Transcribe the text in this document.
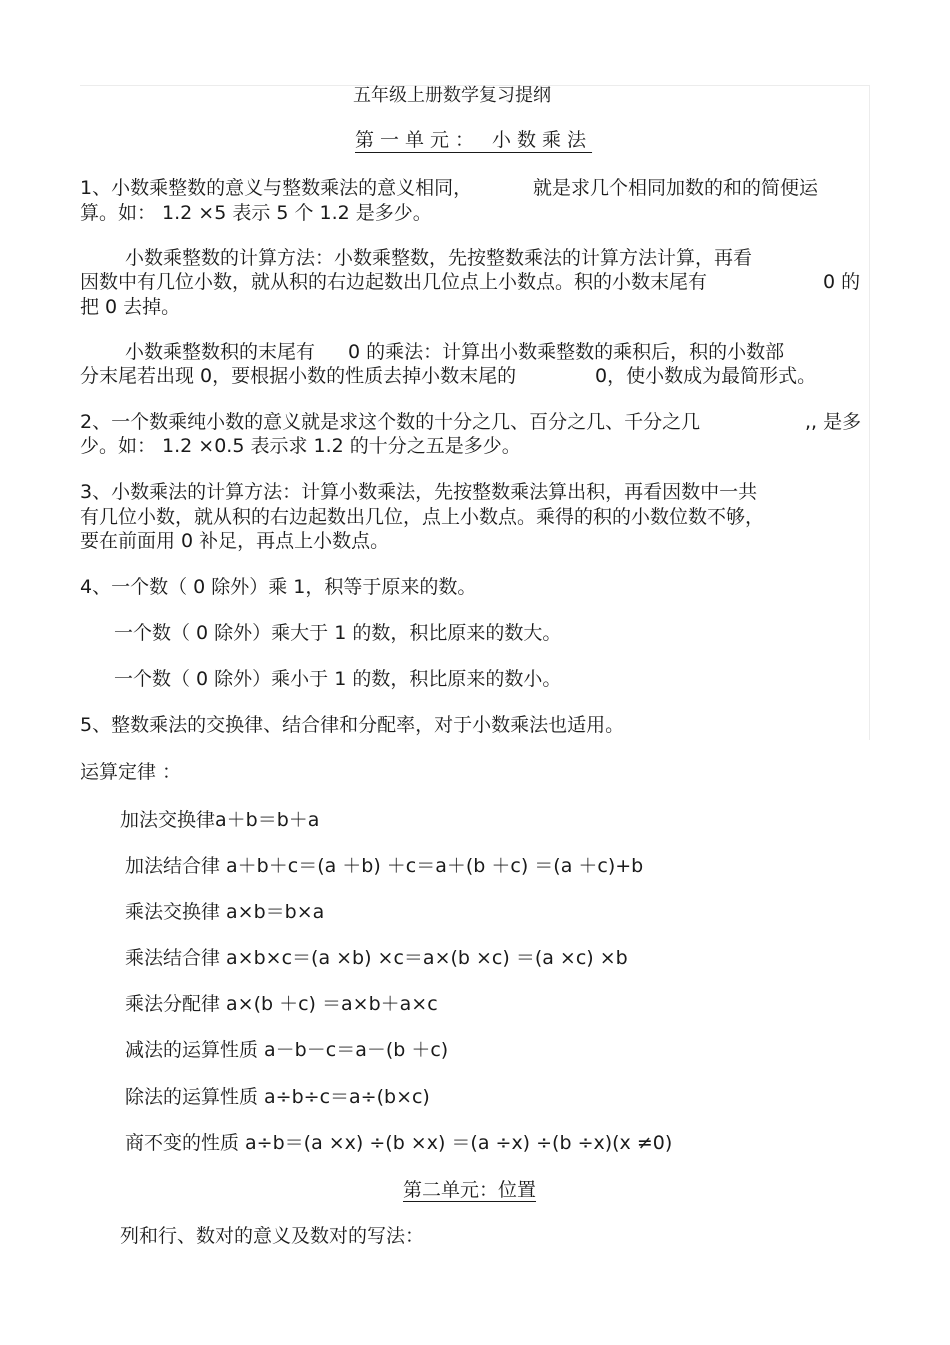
五年级上册数学复习提纲
第一单元： 小数乘法
1、小数乘整数的意义与整数乘法的意义相同，	就是求几个相同加数的和的简便运
算。如： 1.2 ×5 表示 5 个 1.2 是多少。
小数乘整数的计算方法：小数乘整数，先按整数乘法的计算方法计算，再看
因数中有几位小数，就从积的右边起数出几位点上小数点。积的小数末尾有	0 的
把 0 去掉。
小数乘整数积的末尾有 0 的乘法：计算出小数乘整数的乘积后，积的小数部
分末尾若出现 0，要根据小数的性质去掉小数末尾的	0，使小数成为最简形式。
2、一个数乘纯小数的意义就是求这个数的十分之几、百分之几、千分之几	,, 是多
少。如： 1.2 ×0.5 表示求 1.2 的十分之五是多少。
3、小数乘法的计算方法：计算小数乘法，先按整数乘法算出积，再看因数中一共
有几位小数，就从积的右边起数出几位，点上小数点。乘得的积的小数位数不够，
要在前面用 0 补足，再点上小数点。
4、一个数（ 0 除外）乘 1，积等于原来的数。
一个数（ 0 除外）乘大于 1 的数，积比原来的数大。
一个数（ 0 除外）乘小于 1 的数，积比原来的数小。
5、整数乘法的交换律、结合律和分配率，对于小数乘法也适用。
运算定律 ：
加法交换律a＋b＝b＋a
加法结合律 a＋b＋c＝(a ＋b) ＋c＝a＋(b ＋c) ＝(a ＋c)+b
乘法交换律 a×b＝b×a
乘法结合律 a×b×c＝(a ×b) ×c＝a×(b ×c) ＝(a ×c) ×b
乘法分配律 a×(b ＋c) ＝a×b＋a×c
减法的运算性质 a－b－c＝a－(b ＋c)
除法的运算性质 a÷b÷c＝a÷(b×c)
商不变的性质 a÷b＝(a ×x) ÷(b ×x) ＝(a ÷x) ÷(b ÷x)(x ≠0)
第二单元：位置
列和行、数对的意义及数对的写法：
